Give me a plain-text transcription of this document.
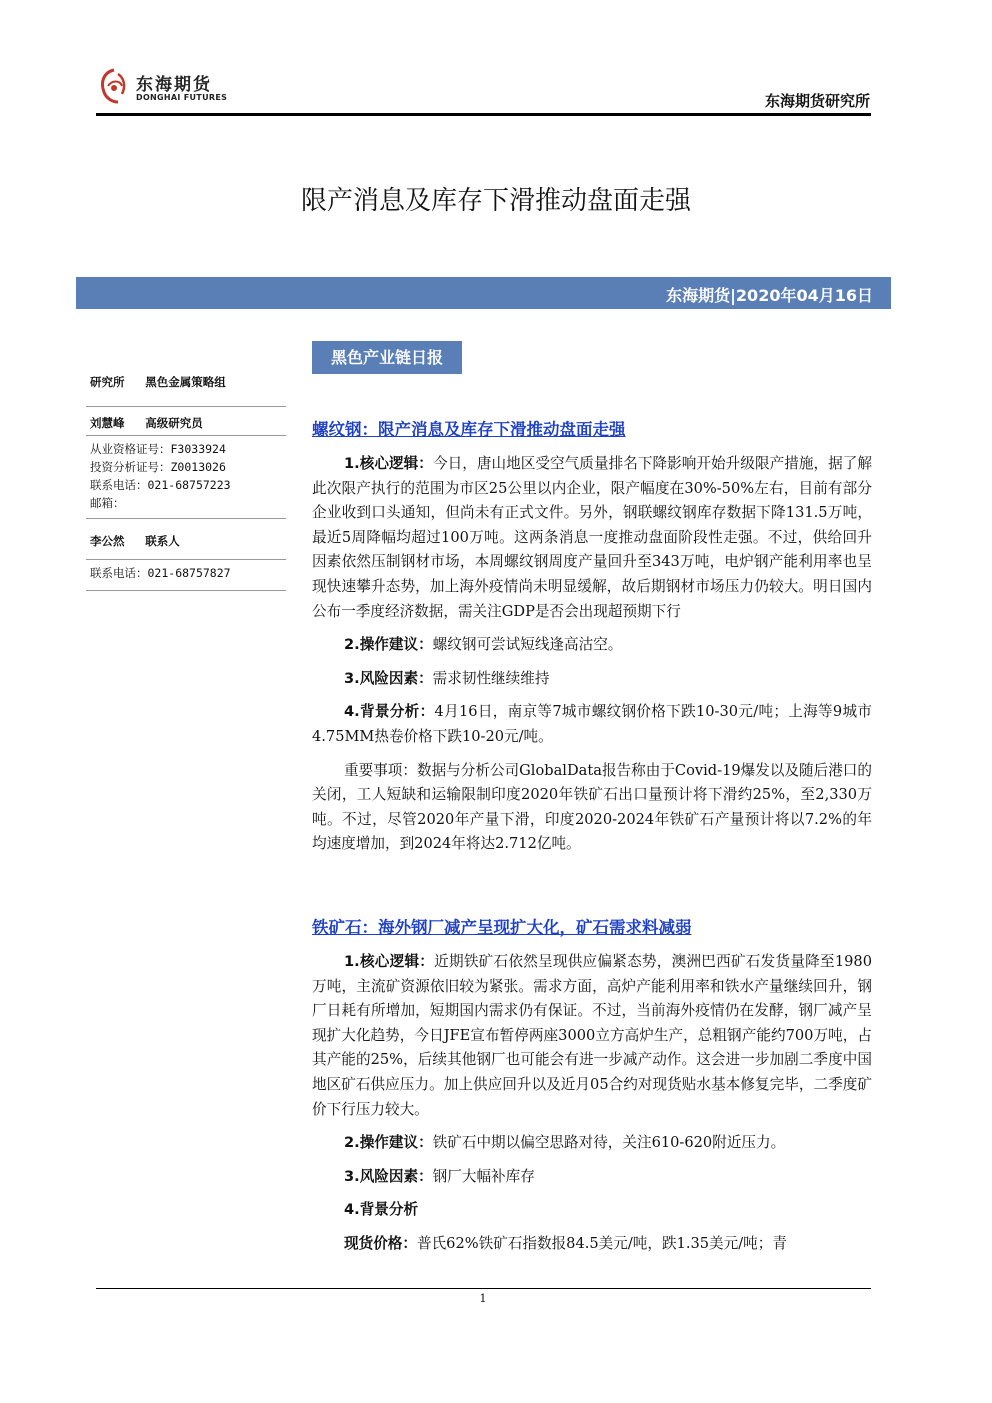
东海期货
DONGHAI FUTURES	东海期货研究所
限产消息及库存下滑推动盘面走强
东海期货|2020年04月16日
研究所 黑色金属策略组
刘慧峰 高级研究员
从业资格证号：F3033924
投资分析证号：Z0013026
联系电话：021-68757223
邮箱：
李公然 联系人
联系电话：021-68757827
黑色产业链日报
螺纹钢：限产消息及库存下滑推动盘面走强

1.核心逻辑：今日，唐山地区受空气质量排名下降影响开始升级限产措施，据了解此次限产执行的范围为市区25公里以内企业，限产幅度在30%-50%左右，目前有部分企业收到口头通知，但尚未有正式文件。另外，钢联螺纹钢库存数据下降131.5万吨，最近5周降幅均超过100万吨。这两条消息一度推动盘面阶段性走强。不过，供给回升因素依然压制钢材市场，本周螺纹钢周度产量回升至343万吨，电炉钢产能利用率也呈现快速攀升态势，加上海外疫情尚未明显缓解，故后期钢材市场压力仍较大。明日国内公布一季度经济数据，需关注GDP是否会出现超预期下行

2.操作建议：螺纹钢可尝试短线逢高沽空。

3.风险因素：需求韧性继续维持

4.背景分析：4月16日，南京等7城市螺纹钢价格下跌10-30元/吨；上海等9城市4.75MM热卷价格下跌10-20元/吨。

重要事项：数据与分析公司GlobalData报告称由于Covid-19爆发以及随后港口的关闭，工人短缺和运输限制印度2020年铁矿石出口量预计将下滑约25%，至2,330万吨。不过，尽管2020年产量下滑，印度2020-2024年铁矿石产量预计将以7.2%的年均速度增加，到2024年将达2.712亿吨。

铁矿石：海外钢厂减产呈现扩大化，矿石需求料减弱

1.核心逻辑：近期铁矿石依然呈现供应偏紧态势，澳洲巴西矿石发货量降至1980万吨，主流矿资源依旧较为紧张。需求方面，高炉产能利用率和铁水产量继续回升，钢厂日耗有所增加，短期国内需求仍有保证。不过，当前海外疫情仍在发酵，钢厂减产呈现扩大化趋势，今日JFE宣布暂停两座3000立方高炉生产，总粗钢产能约700万吨，占其产能的25%，后续其他钢厂也可能会有进一步减产动作。这会进一步加剧二季度中国地区矿石供应压力。加上供应回升以及近月05合约对现货贴水基本修复完毕，二季度矿价下行压力较大。

2.操作建议：铁矿石中期以偏空思路对待，关注610-620附近压力。

3.风险因素：钢厂大幅补库存

4.背景分析

现货价格：普氏62%铁矿石指数报84.5美元/吨，跌1.35美元/吨；青

1
